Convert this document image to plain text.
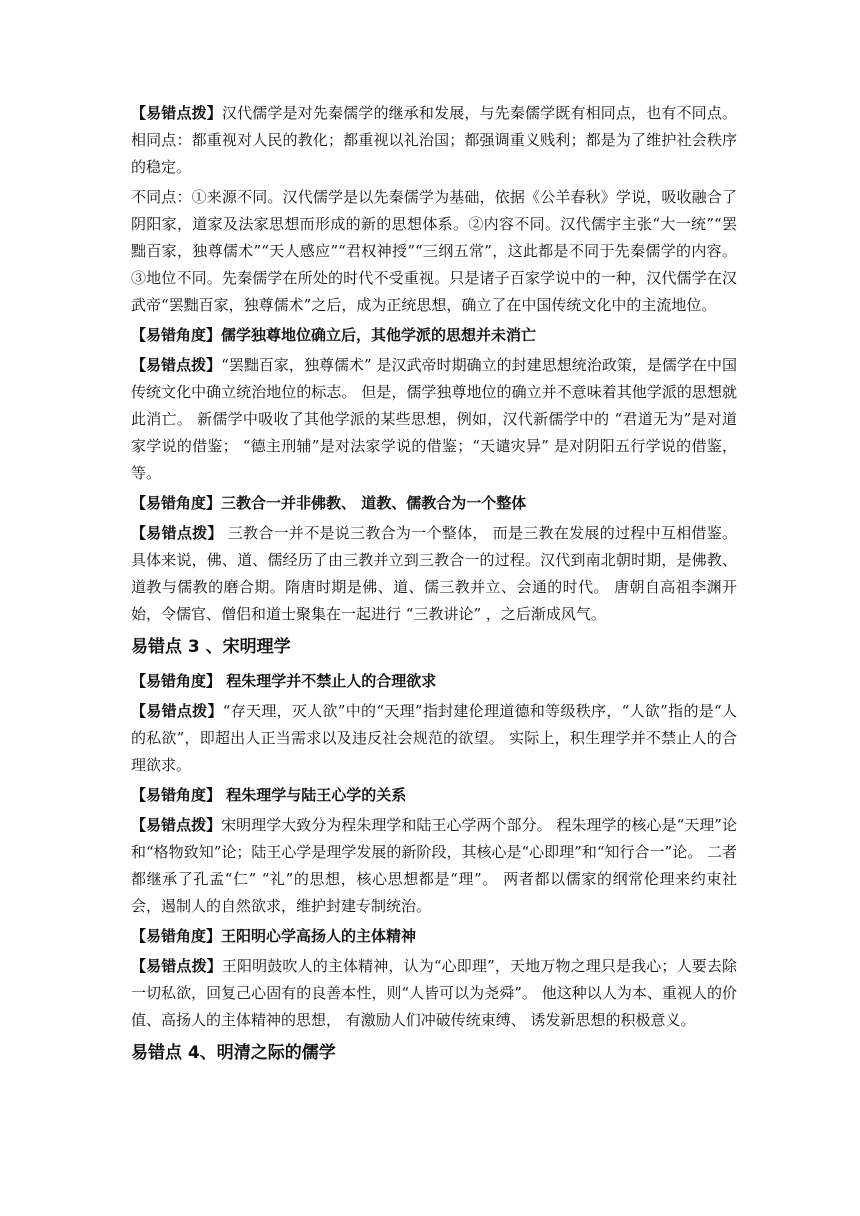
【易错点拨】汉代儒学是对先秦儒学的继承和发展，与先秦儒学既有相同点，也有不同点。相同点：都重视对人民的教化；都重视以礼治国；都强调重义贱利；都是为了维护社会秩序的稳定。

不同点：①来源不同。汉代儒学是以先秦儒学为基础，依据《公羊春秋》学说，吸收融合了阴阳家，道家及法家思想而形成的新的思想体系。②内容不同。汉代儒宇主张“大一统”“罢黜百家，独尊儒术”“天人感应”“君权神授”“三纲五常”，这此都是不同于先秦儒学的内容。③地位不同。先秦儒学在所处的时代不受重视。只是诸子百家学说中的一种，汉代儒学在汉武帝“罢黜百家，独尊儒术”之后，成为正统思想，确立了在中国传统文化中的主流地位。

【易错角度】儒学独尊地位确立后，其他学派的思想并未消亡

【易错点拨】“罢黜百家，独尊儒术” 是汉武帝时期确立的封建思想统治政策，是儒学在中国传统文化中确立统治地位的标志。 但是，儒学独尊地位的确立并不意味着其他学派的思想就此消亡。 新儒学中吸收了其他学派的某些思想，例如，汉代新儒学中的 “君道无为”是对道家学说的借鉴； “德主刑辅”是对法家学说的借鉴；“天谴灾异” 是对阴阳五行学说的借鉴，等。

【易错角度】三教合一并非佛教、 道教、儒教合为一个整体

【易错点拨】 三教合一并不是说三教合为一个整体， 而是三教在发展的过程中互相借鉴。具体来说，佛、道、儒经历了由三教并立到三教合一的过程。汉代到南北朝时期，是佛教、道教与儒教的磨合期。隋唐时期是佛、道、儒三教并立、会通的时代。 唐朝自高祖李渊开始，令儒官、僧侣和道士聚集在一起进行 “三教讲论” ，之后渐成风气。

易错点 3 、宋明理学

【易错角度】 程朱理学并不禁止人的合理欲求

【易错点拨】“存天理，灭人欲”中的“天理”指封建伦理道德和等级秩序，“人欲”指的是“人的私欲”，即超出人正当需求以及违反社会规范的欲望。 实际上，积生理学并不禁止人的合理欲求。

【易错角度】 程朱理学与陆王心学的关系

【易错点拨】宋明理学大致分为程朱理学和陆王心学两个部分。 程朱理学的核心是“天理”论和“格物致知”论；陆王心学是理学发展的新阶段，其核心是“心即理”和“知行合一”论。 二者都继承了孔孟“仁” “礼”的思想，核心思想都是“理”。 两者都以儒家的纲常伦理来约束社会，遏制人的自然欲求，维护封建专制统治。

【易错角度】王阳明心学高扬人的主体精神

【易错点拨】王阳明鼓吹人的主体精神，认为“心即理”，天地万物之理只是我心；人要去除一切私欲，回复己心固有的良善本性，则“人皆可以为尧舜”。 他这种以人为本、重视人的价值、高扬人的主体精神的思想， 有激励人们冲破传统束缚、 诱发新思想的积极意义。

易错点 4、明清之际的儒学
